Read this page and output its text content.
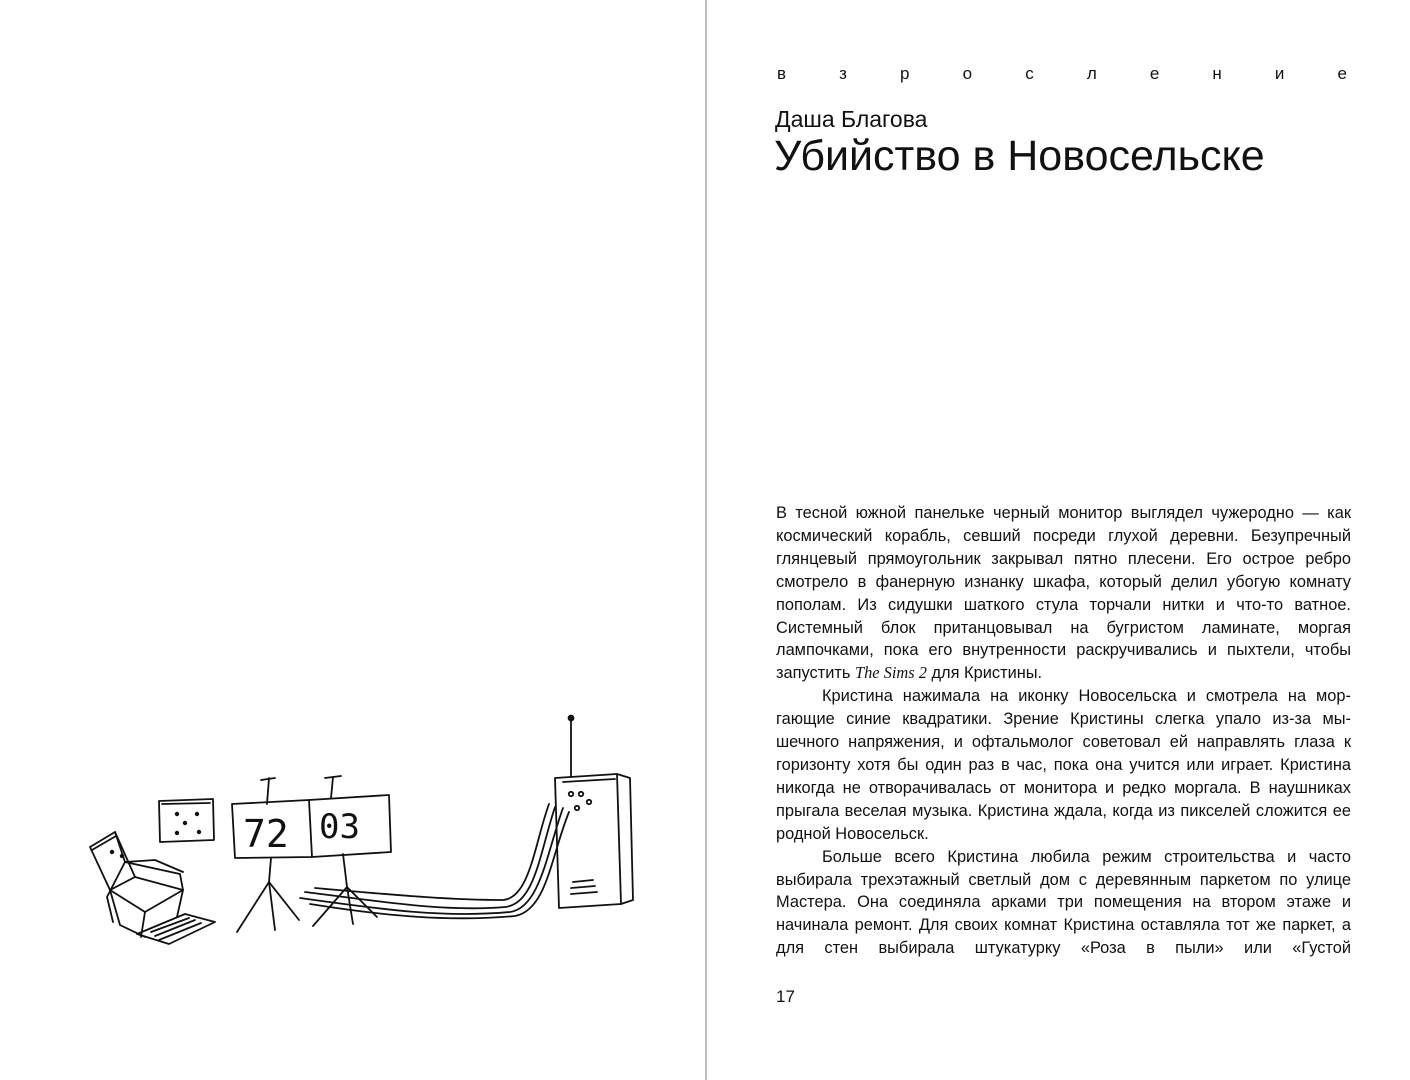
72 03
в	з	р	о	с	л	е	н	и	е
Даша Благова
Убийство в Новосельске

В тесной южной панельке черный монитор выглядел чужеродно — как космический корабль, севший посреди глухой деревни. Безупречный глянцевый прямоугольник закрывал пятно плесени. Его острое ребро смотрело в фанерную изнанку шкафа, который делил убогую комнату пополам. Из сидушки шаткого стула торчали нитки и что-то ватное. Системный блок пританцовывал на бугристом ламинате, моргая лампочками, пока его внутренности раскручивались и пыхтели, чтобы запустить The Sims 2 для Кристины.

Кристина нажимала на иконку Новосельска и смотрела на моргающие синие квадратики. Зрение Кристины слегка упало из-за мышечного напряжения, и офтальмолог советовал ей направлять глаза к горизонту хотя бы один раз в час, пока она учится или играет. Кристина никогда не отворачивалась от монитора и редко моргала. В наушниках прыгала веселая музыка. Кристина ждала, когда из пикселей сложится ее родной Новосельск.

Больше всего Кристина любила режим строительства и часто выбирала трехэтажный светлый дом с деревянным паркетом по улице Мастера. Она соединяла арками три помещения на втором этаже и начинала ремонт. Для своих комнат Кристина оставляла тот же паркет, а для стен выбирала штукатурку «Роза в пыли» или «Густой

17
